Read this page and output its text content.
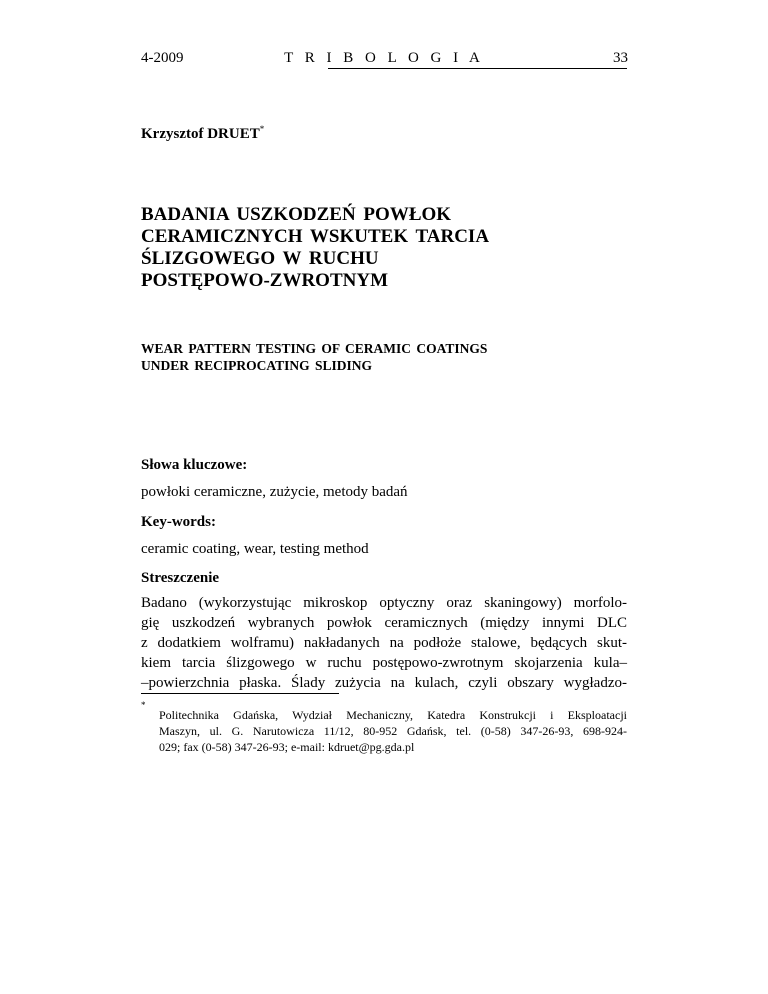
4-2009	T R I B O L O G I A	33
Krzysztof DRUET*
BADANIA USZKODZEŃ POWŁOK
CERAMICZNYCH WSKUTEK TARCIA
ŚLIZGOWEGO W RUCHU
POSTĘPOWO-ZWROTNYM
WEAR PATTERN TESTING OF CERAMIC COATINGS
UNDER RECIPROCATING SLIDING
Słowa kluczowe:
powłoki ceramiczne, zużycie, metody badań
Key-words:
ceramic coating, wear, testing method
Streszczenie
Badano (wykorzystując mikroskop optyczny oraz skaningowy) morfolo-
gię uszkodzeń wybranych powłok ceramicznych (między innymi DLC
z dodatkiem wolframu) nakładanych na podłoże stalowe, będących skut-
kiem tarcia ślizgowego w ruchu postępowo-zwrotnym skojarzenia kula–
–powierzchnia płaska. Ślady zużycia na kulach, czyli obszary wygładzo-
*
Politechnika Gdańska, Wydział Mechaniczny, Katedra Konstrukcji i Eksploatacji
Maszyn, ul. G. Narutowicza 11/12, 80-952 Gdańsk, tel. (0-58) 347-26-93, 698-924-
029; fax (0-58) 347-26-93; e-mail: kdruet@pg.gda.pl
